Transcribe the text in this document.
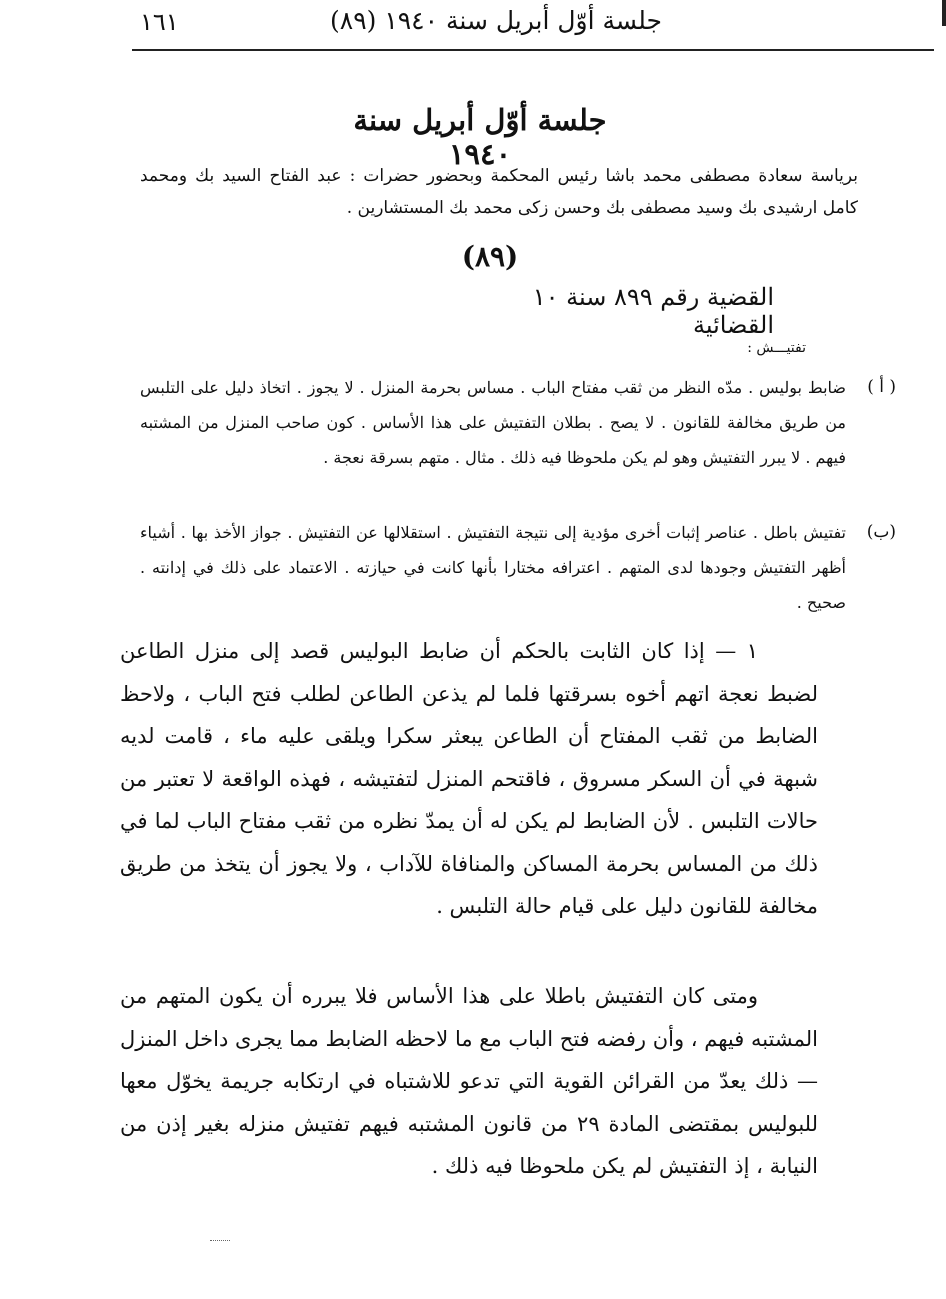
١٦١	جلسة أوّل أبريل سنة ١٩٤٠ (٨٩)
جلسة أوّل أبريل سنة ١٩٤٠
برياسة سعادة مصطفى محمد باشا رئيس المحكمة وبحضور حضرات : عبد الفتاح السيد بك ومحمد كامل ارشيدى بك وسيد مصطفى بك وحسن زكى محمد بك المستشارين .
(٨٩)
القضية رقم ٨٩٩ سنة ١٠ القضائية
تفتيـــش :
( أ )

ضابط بوليس . مدّه النظر من ثقب مفتاح الباب . مساس بحرمة المنزل . لا يجوز . اتخاذ دليل على التلبس من طريق مخالفة للقانون . لا يصح . بطلان التفتيش على هذا الأساس . كون صاحب المنزل من المشتبه فيهم . لا يبرر التفتيش وهو لم يكن ملحوظا فيه ذلك . مثال . متهم بسرقة نعجة .

(ب)

تفتيش باطل . عناصر إثبات أخرى مؤدية إلى نتيجة التفتيش . استقلالها عن التفتيش . جواز الأخذ بها . أشياء أظهر التفتيش وجودها لدى المتهم . اعترافه مختارا بأنها كانت في حيازته . الاعتماد على ذلك في إدانته . صحيح .

١ — إذا كان الثابت بالحكم أن ضابط البوليس قصد إلى منزل الطاعن لضبط نعجة اتهم أخوه بسرقتها فلما لم يذعن الطاعن لطلب فتح الباب ، ولاحظ الضابط من ثقب المفتاح أن الطاعن يبعثر سكرا ويلقى عليه ماء ، قامت لديه شبهة في أن السكر مسروق ، فاقتحم المنزل لتفتيشه ، فهذه الواقعة لا تعتبر من حالات التلبس . لأن الضابط لم يكن له أن يمدّ نظره من ثقب مفتاح الباب لما في ذلك من المساس بحرمة المساكن والمنافاة للآداب ، ولا يجوز أن يتخذ من طريق مخالفة للقانون دليل على قيام حالة التلبس .
ومتى كان التفتيش باطلا على هذا الأساس فلا يبرره أن يكون المتهم من المشتبه فيهم ، وأن رفضه فتح الباب مع ما لاحظه الضابط مما يجرى داخل المنزل — ذلك يعدّ من القرائن القوية التي تدعو للاشتباه في ارتكابه جريمة يخوّل معها للبوليس بمقتضى المادة ٢٩ من قانون المشتبه فيهم تفتيش منزله بغير إذن من النيابة ، إذ التفتيش لم يكن ملحوظا فيه ذلك .
